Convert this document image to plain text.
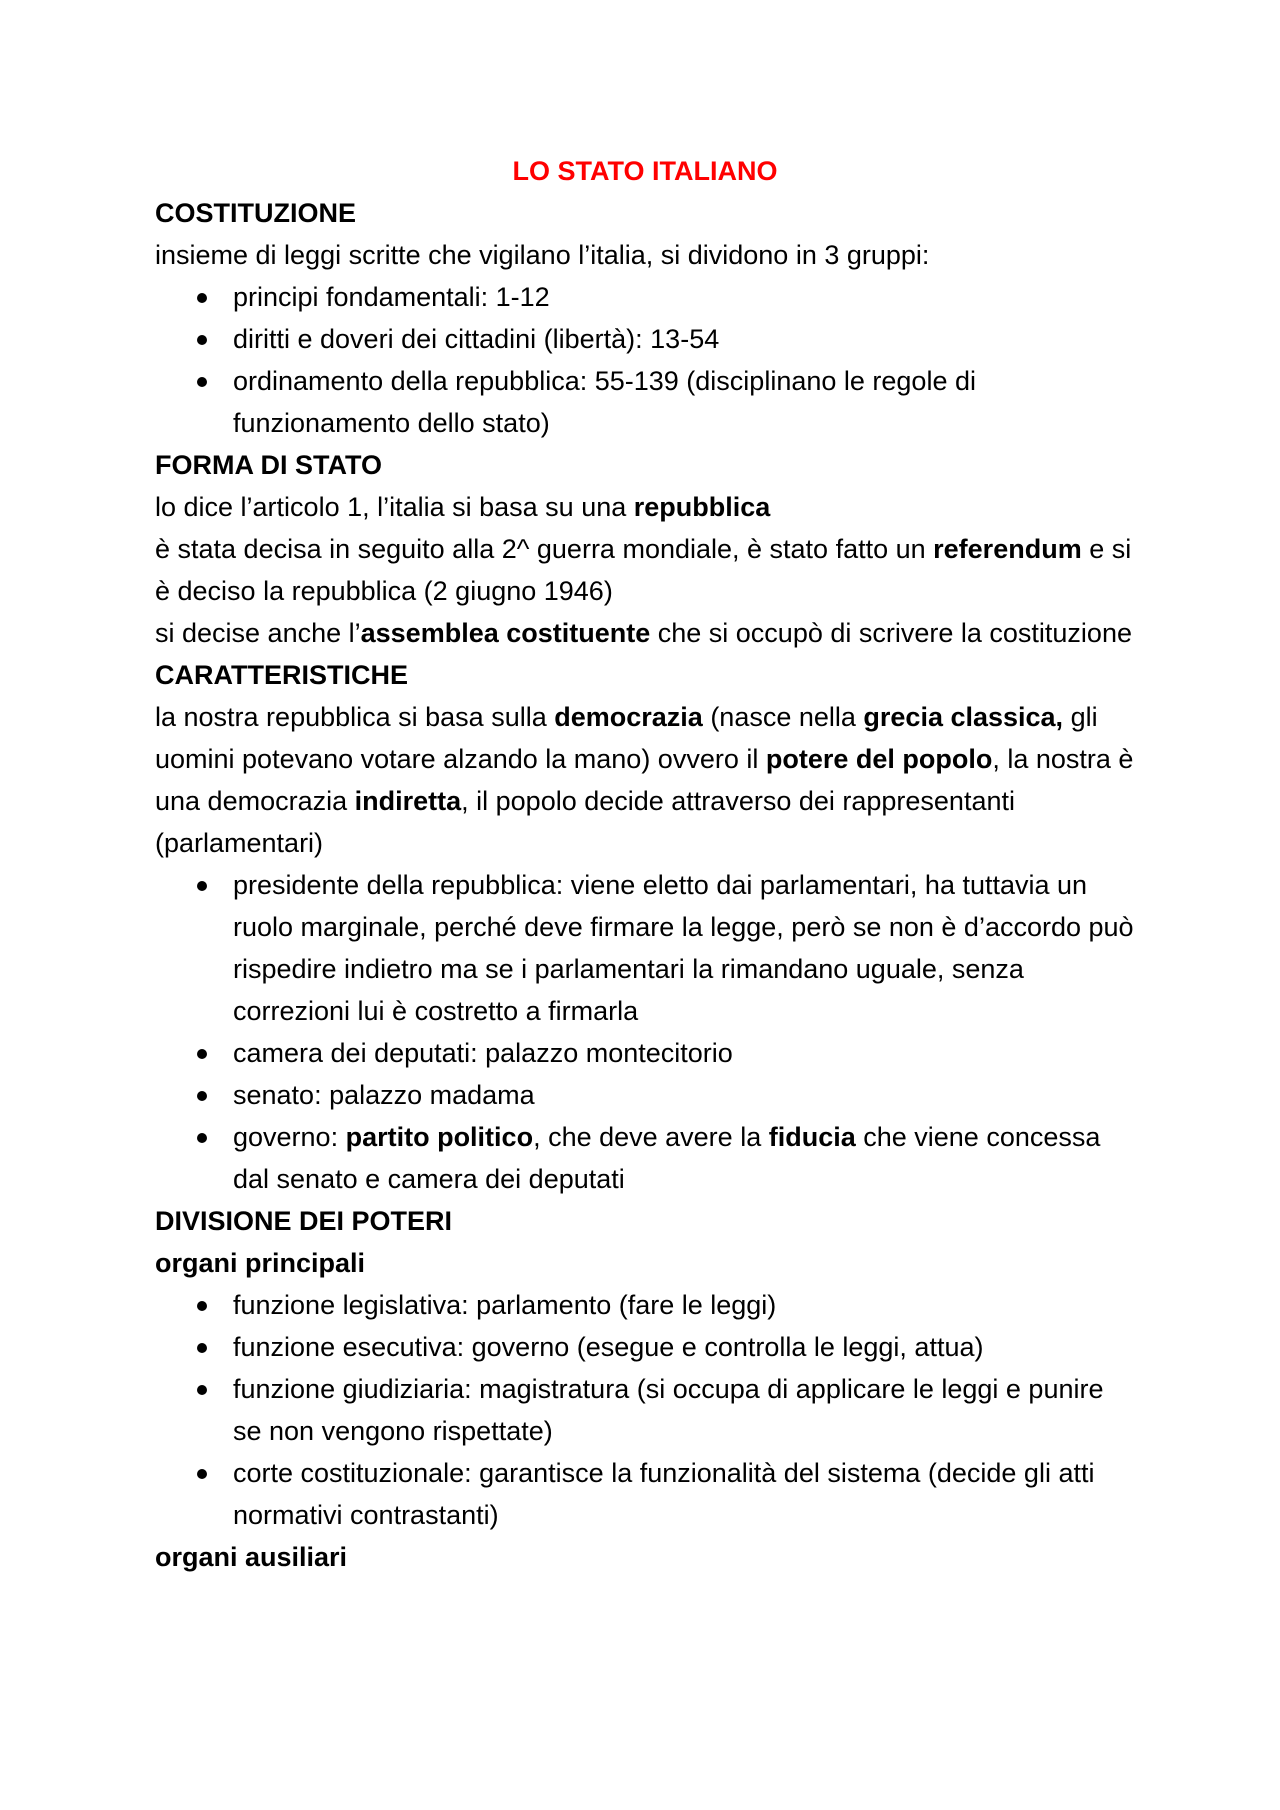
LO STATO ITALIANO
COSTITUZIONE
insieme di leggi scritte che vigilano l’italia, si dividono in 3 gruppi:
principi fondamentali: 1-12
diritti e doveri dei cittadini (libertà): 13-54
ordinamento della repubblica: 55-139 (disciplinano le regole di funzionamento dello stato)
FORMA DI STATO
lo dice l’articolo 1, l’italia si basa su una repubblica
è stata decisa in seguito alla 2^ guerra mondiale, è stato fatto un referendum e si è deciso la repubblica (2 giugno 1946)
si decise anche l’assemblea costituente che si occupò di scrivere la costituzione
CARATTERISTICHE
la nostra repubblica si basa sulla democrazia (nasce nella grecia classica, gli uomini potevano votare alzando la mano) ovvero il potere del popolo, la nostra è una democrazia indiretta, il popolo decide attraverso dei rappresentanti (parlamentari)
presidente della repubblica: viene eletto dai parlamentari, ha tuttavia un ruolo marginale, perché deve firmare la legge, però se non è d’accordo può rispedire indietro ma se i parlamentari la rimandano uguale, senza correzioni lui è costretto a firmarla
camera dei deputati: palazzo montecitorio
senato: palazzo madama
governo: partito politico, che deve avere la fiducia che viene concessa dal senato e camera dei deputati
DIVISIONE DEI POTERI
organi principali
funzione legislativa: parlamento (fare le leggi)
funzione esecutiva: governo (esegue e controlla le leggi, attua)
funzione giudiziaria: magistratura (si occupa di applicare le leggi e punire se non vengono rispettate)
corte costituzionale: garantisce la funzionalità del sistema (decide gli atti normativi contrastanti)
organi ausiliari
